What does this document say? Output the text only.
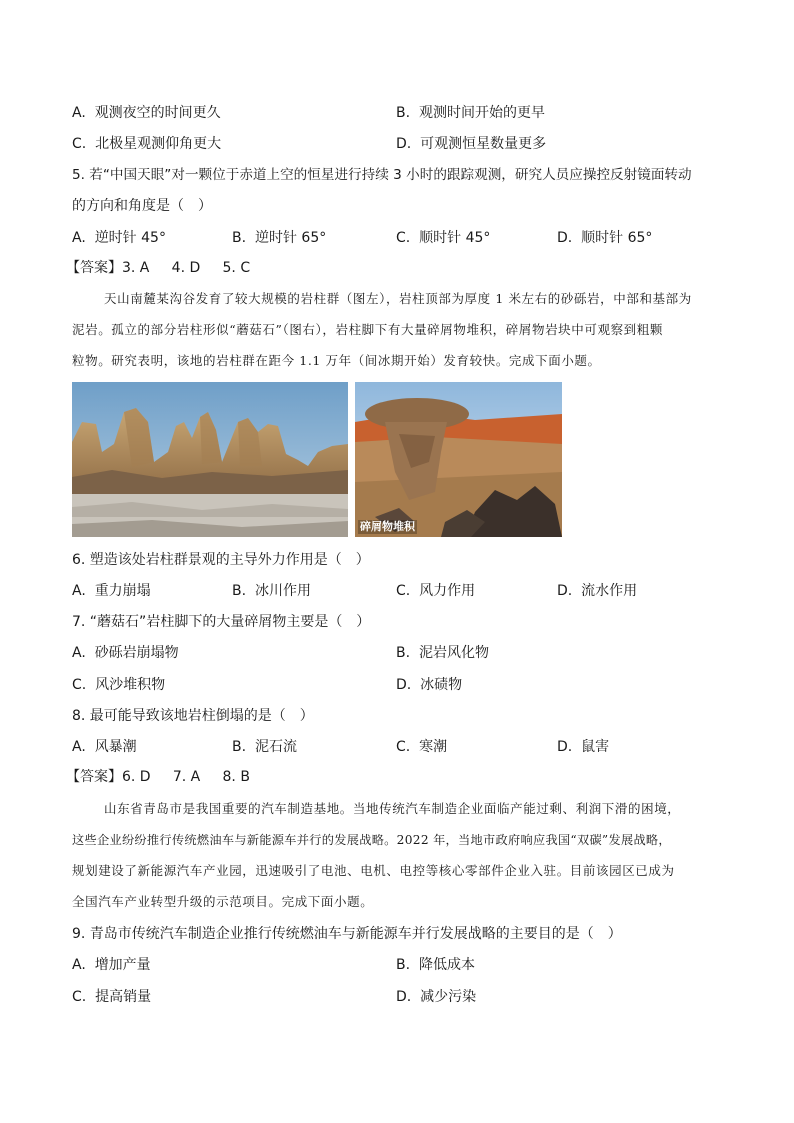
A. 观测夜空的时间更久	B. 观测时间开始的更早
C. 北极星观测仰角更大	D. 可观测恒星数量更多
5. 若“中国天眼”对一颗位于赤道上空的恒星进行持续 3 小时的跟踪观测，研究人员应操控反射镜面转动
的方向和角度是（　）
A. 逆时针 45°	B. 逆时针 65°	C. 顺时针 45°	D. 顺时针 65°
【答案】3. A 4. D 5. C
天山南麓某沟谷发育了较大规模的岩柱群（图左），岩柱顶部为厚度 1 米左右的砂砾岩，中部和基部为
泥岩。孤立的部分岩柱形似“蘑菇石”（图右），岩柱脚下有大量碎屑物堆积，碎屑物岩块中可观察到粗颗
粒物。研究表明，该地的岩柱群在距今 1.1 万年（间冰期开始）发育较快。完成下面小题。
碎屑物堆积
6. 塑造该处岩柱群景观的主导外力作用是（　）
A. 重力崩塌	B. 冰川作用	C. 风力作用	D. 流水作用
7. “蘑菇石”岩柱脚下的大量碎屑物主要是（　）
A. 砂砾岩崩塌物	B. 泥岩风化物
C. 风沙堆积物	D. 冰碛物
8. 最可能导致该地岩柱倒塌的是（　）
A. 风暴潮	B. 泥石流	C. 寒潮	D. 鼠害
【答案】6. D 7. A 8. B
山东省青岛市是我国重要的汽车制造基地。当地传统汽车制造企业面临产能过剩、利润下滑的困境，
这些企业纷纷推行传统燃油车与新能源车并行的发展战略。2022 年，当地市政府响应我国“双碳”发展战略，
规划建设了新能源汽车产业园，迅速吸引了电池、电机、电控等核心零部件企业入驻。目前该园区已成为
全国汽车产业转型升级的示范项目。完成下面小题。
9. 青岛市传统汽车制造企业推行传统燃油车与新能源车并行发展战略的主要目的是（　）
A. 增加产量	B. 降低成本
C. 提高销量	D. 减少污染
